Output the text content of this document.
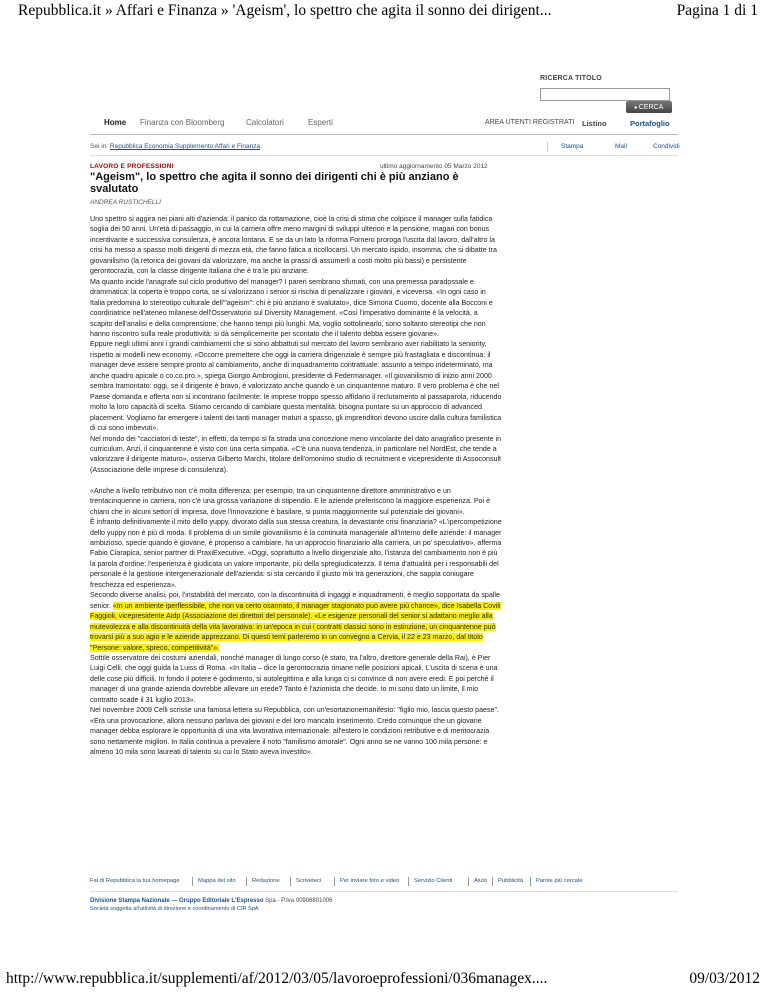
Repubblica.it » Affari e Finanza » 'Ageism', lo spettro che agita il sonno dei dirigent...	Pagina 1 di 1
RICERCA TITOLO
▸ CERCA
Home Finanza con Bloomberg	Calcolatori	Esperti	AREA UTENTI REGISTRATI Listino	Portafoglio
Sei in: Repubblica Economia Supplemento Affari e Finanza	Stampa	Mail	Condividi
LAVORO E PROFESSIONI	ultimo aggiornamento 05 Marzo 2012
"Ageism", lo spettro che agita il sonno dei dirigenti chi è più anziano è svalutato
ANDREA RUSTICHELLI

Uno spettro si aggira nei piani alti d'azienda: il panico da rottamazione, cioè la crisi di stima che colpisce il manager sulla fatidica soglia dei 50 anni. Un'età di passaggio, in cui la carriera offre meno margini di sviluppi ulteriori e la pensione, magari con bonus incentivante e successiva consulenza, è ancora lontana. E se da un lato la riforma Fornero proroga l'uscita dal lavoro, dall'altro la crisi ha messo a spasso molti dirigenti di mezza età, che fanno fatica a ricollocarsi. Un mercato ispido, insomma, che si dibatte tra giovanilismo (la retorica dei giovani da valorizzare, ma anche la prassi di assumerli a costi molto più bassi) e persistente gerontocrazia, con la classe dirigente italiana che è tra le più anziane.

Ma quanto incide l'anagrafe sul ciclo produttivo del manager? I pareri sembrano sfumati, con una premessa paradossale e drammatica: la coperta è troppo corta, se si valorizzano i senior si rischia di penalizzare i giovani, e viceversa. «In ogni caso in Italia predomina lo stereotipo culturale dell'"ageism": chi è più anziano è svalutato», dice Simona Cuomo, docente alla Bocconi e coordinatrice nell'ateneo milanese dell'Osservatorio sul Diversity Management. «Così l'imperativo dominante è la velocità, a scapito dell'analisi e della comprensione, che hanno tempi più lunghi. Ma, voglio sottolinearlo, sono soltanto stereotipi che non hanno riscontro sulla reale produttività: si dà semplicemente per scontato che il talento debba essere giovane».

Eppure negli ultimi anni i grandi cambiamenti che si sono abbattuti sul mercato del lavoro sembrano aver riabilitato la seniority, rispetto ai modelli new economy. «Occorre premettere che oggi la carriera dirigenziale è sempre più frastagliata e discontinua: il manager deve essere sempre pronto al cambiamento, anche di inquadramento contrattuale: assunto a tempo indeterminato, ma anche quadro apicale o co.co.pro.», spiega Giorgio Ambrogioni, presidente di Federmanager. «Il giovanilismo di inizio anni 2000 sembra tramontato: oggi, se il dirigente è bravo, è valorizzato anche quando è un cinquantenne maturo. Il vero problema è che nel Paese domanda e offerta non si incontrano facilmente: le imprese troppo spesso affidano il reclutamento al passaparola, riducendo molto la loro capacità di scelta. Stiamo cercando di cambiare questa mentalità, bisogna puntare su un approccio di advanced placement. Vogliamo far emergere i talenti dei tanti manager maturi a spasso, gli imprenditori devono uscire dalla cultura familistica di cui sono imbevuti».

Nel mondo dei "cacciatori di teste", in effetti, da tempo si fa strada una concezione meno vincolante del dato anagrafico presente in curriculum. Anzi, il cinquantenne è visto con una certa simpatia. «C'è una nuova tendenza, in particolare nel NordEst, che tende a valorizzare il dirigente maturo», osserva Gilberto Marchi, titolare dell'omonimo studio di recruitment e vicepresidente di Assoconsult (Associazione delle imprese di consulenza).

«Anche a livello retributivo non c'è molta differenza: per esempio, tra un cinquantenne direttore amministrativo e un trentacinquenne in carriera, non c'è una grossa variazione di stipendio. E le aziende preferiscono la maggiore esperienza. Poi è chiaro che in alcuni settori di impresa, dove l'innovazione è basilare, si punta maggiormente sul potenziale dei giovani».

È infranto definitivamente il mito dello yuppy, divorato dalla sua stessa creatura, la devastante crisi finanziaria? «L'ipercompetizione dello yuppy non è più di moda. Il problema di un simile giovanilismo è la continuità manageriale all'interno delle aziende: il manager ambizioso, specie quando è giovane, è propenso a cambiare, ha un approccio finanziario alla carriera, un po' speculativo», afferma Fabio Ciarapica, senior partner di PraxiExecutive. «Oggi, soprattutto a livello dirigenziale alto, l'istanza del cambiamento non è più la parola d'ordine: l'esperienza è giudicata un valore importante, più della spregiudicatezza. Il tema d'attualità per i responsabili del personale è la gestione intergenerazionale dell'azienda: si sta cercando il giusto mix tra generazioni, che sappia coniugare freschezza ed esperienza».

Secondo diverse analisi, poi, l'instabilità del mercato, con la discontinuità di ingaggi e inquadramenti, è meglio sopportata da spalle senior. «In un ambiente iperflessibile, che non va certo osannato, il manager stagionato può avere più chance», dice Isabella Covili Faggioli, vicepresidente Aidp (Associazione dei direttori del personale). «Le esigenze personali del senior si adattano meglio alla mutevolezza e alla discontinuità della vita lavorativa: in un'epoca in cui i contratti classici sono in estinzione, un cinquantenne può trovarsi più a suo agio e le aziende apprezzano. Di questi temi parleremo in un convegno a Cervia, il 22 e 23 marzo, dal titolo "Persone: valore, spreco, competitività"».

Sottile osservatore dei costumi aziendali, nonché manager di lungo corso (è stato, tra l'altro, direttore generale della Rai), è Pier Luigi Celli, che oggi guida la Luiss di Roma. «In Italia – dice la gerontocrazia rimane nelle posizioni apicali. L'uscita di scena è una delle cose più difficili. In fondo il potere è godimento, si autolegittima e alla lunga ci si convince di non avere eredi. E poi perché il manager di una grande azienda dovrebbe allevare un erede? Tanto è l'azionista che decide. Io mi sono dato un limite, il mio contratto scade il 31 luglio 2013».

Nel novembre 2009 Celli scrisse una famosa lettera su Repubblica, con un'esortazionemanifesto: "figlio mio, lascia questo paese". «Era una provocazione, allora nessuno parlava dei giovani e del loro mancato inserimento. Credo comunque che un giovane manager debba esplorare le opportunità di una vita lavorativa internazionale: all'estero le condizioni retributive e di meritocrazia sono nettamente migliori. In Italia continua a prevalere il noto "familismo amorale". Ogni anno se ne vanno 100 mila persone: e almeno 10 mila sono laureati di talento su cui lo Stato aveva investito».

Fai di Repubblica la tua homepage	Mappa del sito	Redazione	Scriveteci	Per inviare foto e video	Servizio Clienti	Aiuto Pubblicità Parole più cercate
Divisione Stampa Nazionale — Gruppo Editoriale L'Espresso Spa - P.Iva 00906801006
Società soggetta all'attività di direzione e coordinamento di CIR SpA
http://www.repubblica.it/supplementi/af/2012/03/05/lavoroeprofessioni/036managex....	09/03/2012
